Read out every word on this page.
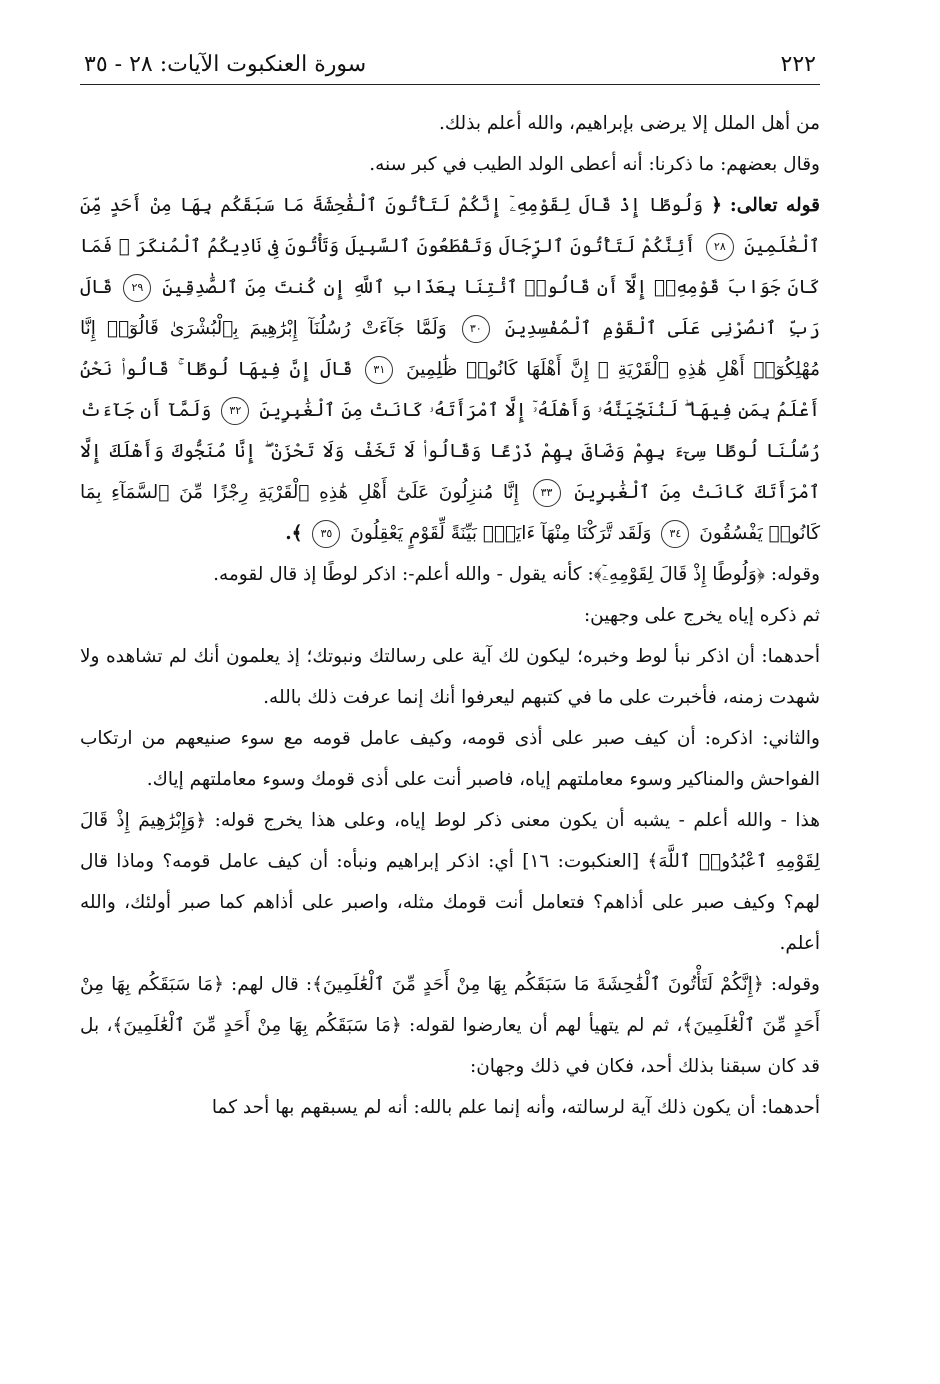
٢٢٢
سورة العنكبوت الآيات: ٢٨ - ٣٥

من أهل الملل إلا يرضى بإبراهيم، والله أعلم بذلك.

وقال بعضهم: ما ذكرنا: أنه أعطى الولد الطيب في كبر سنه.

قوله تعالى: ﴿ وَلُوطًا إِذْ قَالَ لِقَوْمِهِۦٓ إِنَّكُمْ لَتَأْتُونَ ٱلْفَٰحِشَةَ مَا سَبَقَكُم بِهَا مِنْ أَحَدٍ مِّنَ ٱلْعَٰلَمِينَ ٢٨ أَئِنَّكُمْ لَتَأْتُونَ ٱلرِّجَالَ وَتَقْطَعُونَ ٱلسَّبِيلَ وَتَأْتُونَ فِى نَادِيكُمُ ٱلْمُنكَرَ ۖ فَمَا كَانَ جَوَابَ قَوْمِهِۦٓ إِلَّآ أَن قَالُوا۟ ٱئْتِنَا بِعَذَابِ ٱللَّهِ إِن كُنتَ مِنَ ٱلصَّٰدِقِينَ ٢٩ قَالَ رَبِّ ٱنصُرْنِى عَلَى ٱلْقَوْمِ ٱلْمُفْسِدِينَ ٣٠ وَلَمَّا جَآءَتْ رُسُلُنَآ إِبْرَٰهِيمَ بِٱلْبُشْرَىٰ قَالُوٓا۟ إِنَّا مُهْلِكُوٓا۟ أَهْلِ هَٰذِهِ ٱلْقَرْيَةِ ۖ إِنَّ أَهْلَهَا كَانُوا۟ ظَٰلِمِينَ ٣١ قَالَ إِنَّ فِيهَا لُوطًا ۚ قَالُوا۟ نَحْنُ أَعْلَمُ بِمَن فِيهَا ۖ لَنُنَجِّيَنَّهُۥ وَأَهْلَهُۥٓ إِلَّا ٱمْرَأَتَهُۥ كَانَتْ مِنَ ٱلْغَٰبِرِينَ ٣٢ وَلَمَّآ أَن جَآءَتْ رُسُلُنَا لُوطًا سِىٓءَ بِهِمْ وَضَاقَ بِهِمْ ذَرْعًا وَقَالُوا۟ لَا تَخَفْ وَلَا تَحْزَنْ ۖ إِنَّا مُنَجُّوكَ وَأَهْلَكَ إِلَّا ٱمْرَأَتَكَ كَانَتْ مِنَ ٱلْغَٰبِرِينَ ٣٣ إِنَّا مُنزِلُونَ عَلَىٰٓ أَهْلِ هَٰذِهِ ٱلْقَرْيَةِ رِجْزًا مِّنَ ٱلسَّمَآءِ بِمَا كَانُوا۟ يَفْسُقُونَ ٣٤ وَلَقَد تَّرَكْنَا مِنْهَآ ءَايَةًۢ بَيِّنَةً لِّقَوْمٍ يَعْقِلُونَ ٣٥ ﴾.

وقوله: ﴿وَلُوطًا إِذْ قَالَ لِقَوْمِهِۦٓ﴾: كأنه يقول - والله أعلم-: اذكر لوطًا إذ قال لقومه.

ثم ذكره إياه يخرج على وجهين:

أحدهما: أن اذكر نبأ لوط وخبره؛ ليكون لك آية على رسالتك ونبوتك؛ إذ يعلمون أنك لم تشاهده ولا شهدت زمنه، فأخبرت على ما في كتبهم ليعرفوا أنك إنما عرفت ذلك بالله.

والثاني: اذكره: أن كيف صبر على أذى قومه، وكيف عامل قومه مع سوء صنيعهم من ارتكاب الفواحش والمناكير وسوء معاملتهم إياه، فاصبر أنت على أذى قومك وسوء معاملتهم إياك.

هذا - والله أعلم - يشبه أن يكون معنى ذكر لوط إياه، وعلى هذا يخرج قوله: ﴿وَإِبْرَٰهِيمَ إِذْ قَالَ لِقَوْمِهِ ٱعْبُدُوا۟ ٱللَّهَ﴾ [العنكبوت: ١٦] أي: اذكر إبراهيم ونبأه: أن كيف عامل قومه؟ وماذا قال لهم؟ وكيف صبر على أذاهم؟ فتعامل أنت قومك مثله، واصبر على أذاهم كما صبر أولئك، والله أعلم.

وقوله: ﴿إِنَّكُمْ لَتَأْتُونَ ٱلْفَٰحِشَةَ مَا سَبَقَكُم بِهَا مِنْ أَحَدٍ مِّنَ ٱلْعَٰلَمِينَ﴾: قال لهم: ﴿مَا سَبَقَكُم بِهَا مِنْ أَحَدٍ مِّنَ ٱلْعَٰلَمِينَ﴾، ثم لم يتهيأ لهم أن يعارضوا لقوله: ﴿مَا سَبَقَكُم بِهَا مِنْ أَحَدٍ مِّنَ ٱلْعَٰلَمِينَ﴾، بل قد كان سبقنا بذلك أحد، فكان في ذلك وجهان:

أحدهما: أن يكون ذلك آية لرسالته، وأنه إنما علم بالله: أنه لم يسبقهم بها أحد كما
